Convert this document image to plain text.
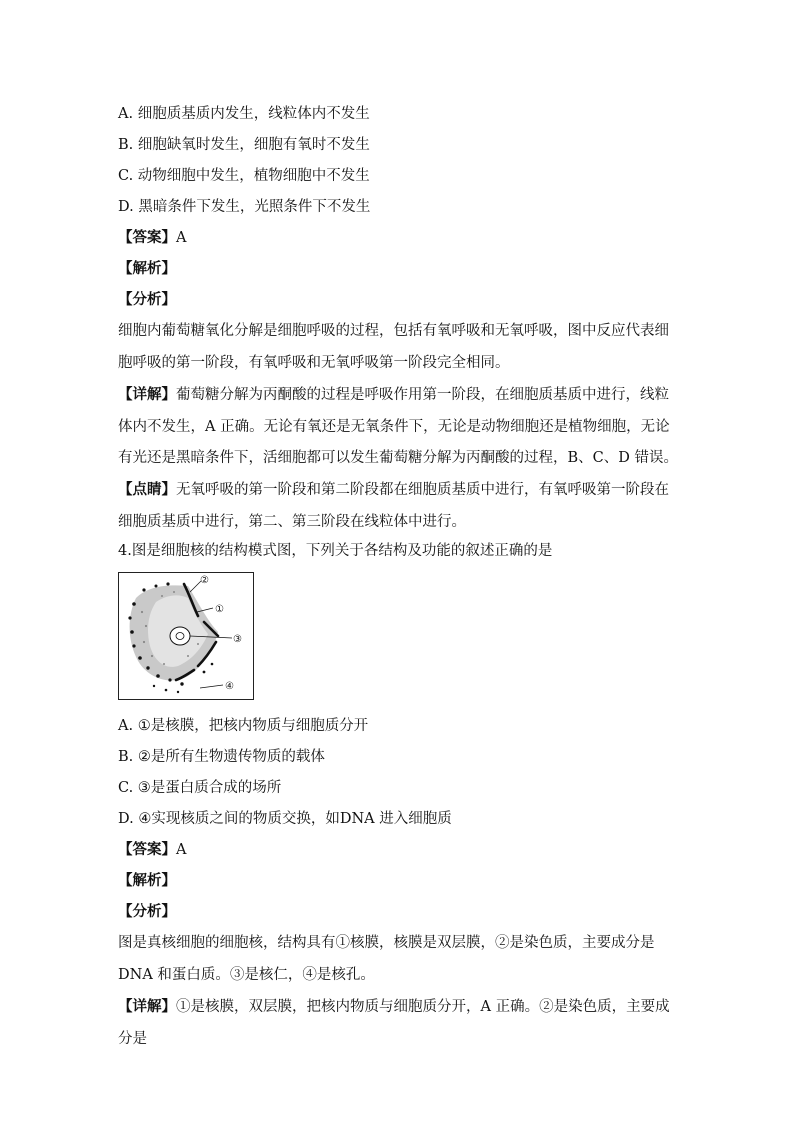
A. 细胞质基质内发生，线粒体内不发生
B. 细胞缺氧时发生，细胞有氧时不发生
C. 动物细胞中发生，植物细胞中不发生
D. 黑暗条件下发生，光照条件下不发生
【答案】A
【解析】
【分析】
细胞内葡萄糖氧化分解是细胞呼吸的过程，包括有氧呼吸和无氧呼吸，图中反应代表细胞呼吸的第一阶段，有氧呼吸和无氧呼吸第一阶段完全相同。
【详解】葡萄糖分解为丙酮酸的过程是呼吸作用第一阶段，在细胞质基质中进行，线粒体内不发生，A 正确。无论有氧还是无氧条件下，无论是动物细胞还是植物细胞，无论有光还是黑暗条件下，活细胞都可以发生葡萄糖分解为丙酮酸的过程，B、C、D 错误。
【点睛】无氧呼吸的第一阶段和第二阶段都在细胞质基质中进行，有氧呼吸第一阶段在细胞质基质中进行，第二、第三阶段在线粒体中进行。
4.图是细胞核的结构模式图，下列关于各结构及功能的叙述正确的是
②
①
③
④
A. ①是核膜，把核内物质与细胞质分开
B. ②是所有生物遗传物质的载体
C. ③是蛋白质合成的场所
D. ④实现核质之间的物质交换，如DNA 进入细胞质
【答案】A
【解析】
【分析】
图是真核细胞的细胞核，结构具有①核膜，核膜是双层膜，②是染色质，主要成分是 DNA 和蛋白质。③是核仁，④是核孔。
【详解】①是核膜，双层膜，把核内物质与细胞质分开，A 正确。②是染色质，主要成分是
